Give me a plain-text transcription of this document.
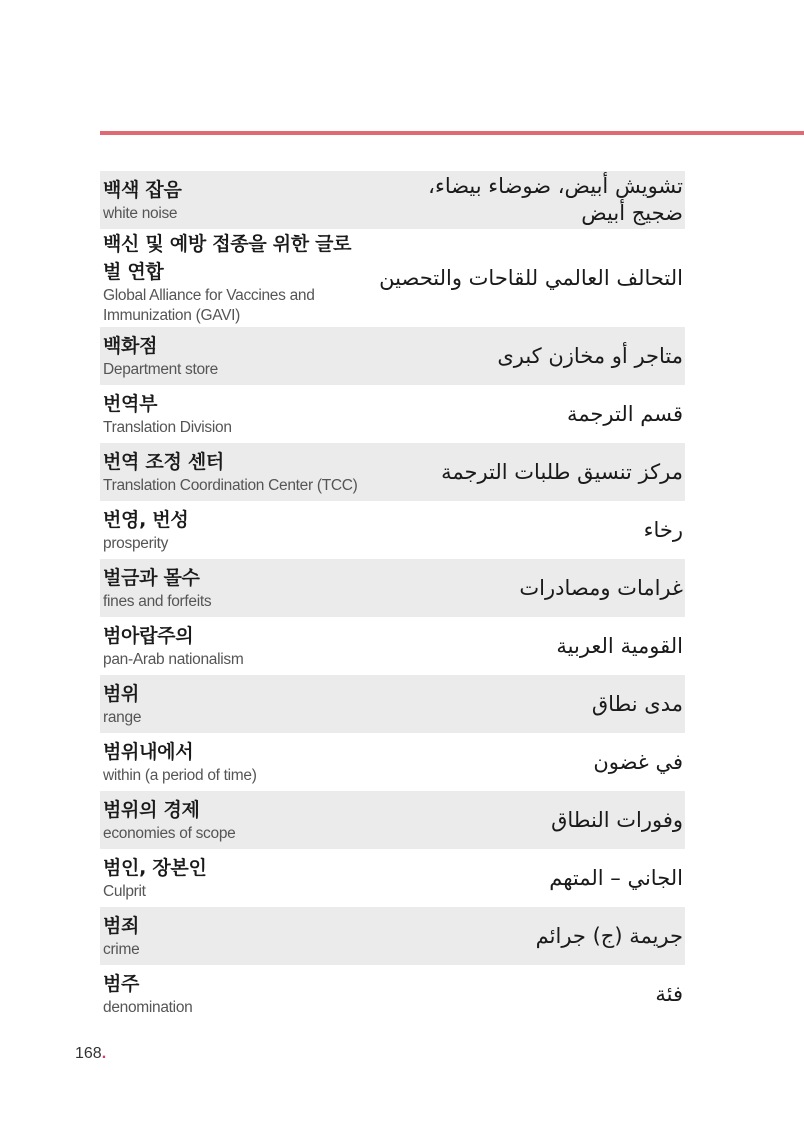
백색 잡음
white noise
تشويش أبيض، ضوضاء بيضاء، ضجيج أبيض
백신 및 예방 접종을 위한 글로벌 연합
Global Alliance for Vaccines and Immunization (GAVI)
التحالف العالمي للقاحات والتحصين
백화점
Department store
متاجر أو مخازن كبرى
번역부
Translation Division
قسم الترجمة
번역 조정 센터
Translation Coordination Center (TCC)
مركز تنسيق طلبات الترجمة
번영, 번성
prosperity
رخاء
벌금과 몰수
fines and forfeits
غرامات ومصادرات
범아랍주의
pan-Arab nationalism
القومية العربية
범위
range
مدى نطاق
범위내에서
within (a period of time)
في غضون
범위의 경제
economies of scope
وفورات النطاق
범인, 장본인
Culprit
الجاني – المتهم
범죄
crime
جريمة (ج) جرائم
범주
denomination
فئة
168.
